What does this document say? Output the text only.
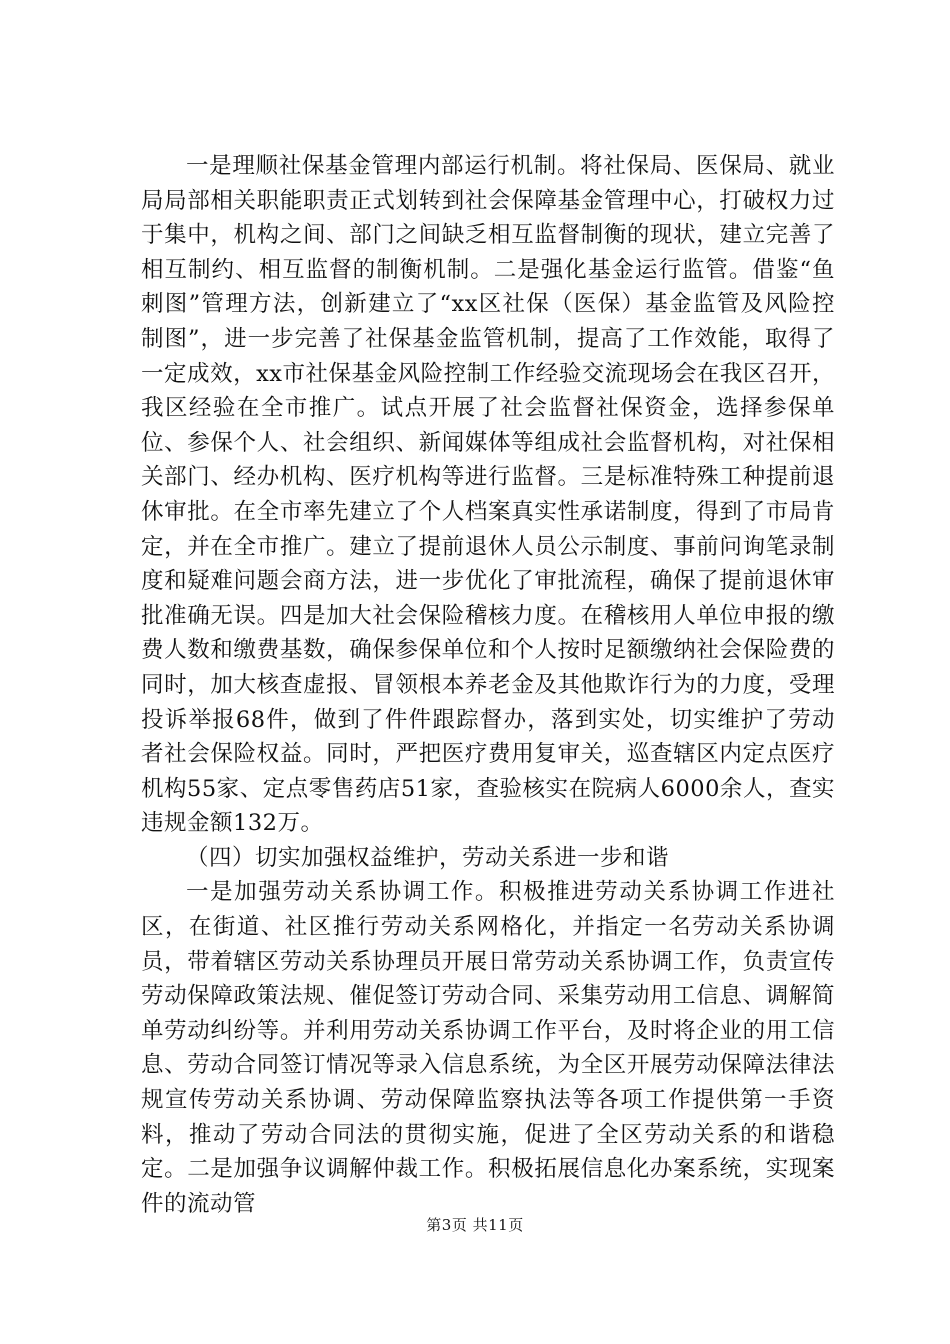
一是理顺社保基金管理内部运行机制。将社保局、医保局、就业局局部相关职能职责正式划转到社会保障基金管理中心，打破权力过于集中，机构之间、部门之间缺乏相互监督制衡的现状，建立完善了相互制约、相互监督的制衡机制。二是强化基金运行监管。借鉴“鱼刺图”管理方法，创新建立了“xx区社保（医保）基金监管及风险控制图”，进一步完善了社保基金监管机制，提高了工作效能，取得了一定成效，xx市社保基金风险控制工作经验交流现场会在我区召开，我区经验在全市推广。试点开展了社会监督社保资金，选择参保单位、参保个人、社会组织、新闻媒体等组成社会监督机构，对社保相关部门、经办机构、医疗机构等进行监督。三是标准特殊工种提前退休审批。在全市率先建立了个人档案真实性承诺制度，得到了市局肯定，并在全市推广。建立了提前退休人员公示制度、事前问询笔录制度和疑难问题会商方法，进一步优化了审批流程，确保了提前退休审批准确无误。四是加大社会保险稽核力度。在稽核用人单位申报的缴费人数和缴费基数，确保参保单位和个人按时足额缴纳社会保险费的同时，加大核查虚报、冒领根本养老金及其他欺诈行为的力度，受理投诉举报68件，做到了件件跟踪督办，落到实处，切实维护了劳动者社会保险权益。同时，严把医疗费用复审关，巡查辖区内定点医疗机构55家、定点零售药店51家，查验核实在院病人6000余人，查实违规金额132万。

（四）切实加强权益维护，劳动关系进一步和谐

一是加强劳动关系协调工作。积极推进劳动关系协调工作进社区，在街道、社区推行劳动关系网格化，并指定一名劳动关系协调员，带着辖区劳动关系协理员开展日常劳动关系协调工作，负责宣传劳动保障政策法规、催促签订劳动合同、采集劳动用工信息、调解简单劳动纠纷等。并利用劳动关系协调工作平台，及时将企业的用工信息、劳动合同签订情况等录入信息系统，为全区开展劳动保障法律法规宣传劳动关系协调、劳动保障监察执法等各项工作提供第一手资料，推动了劳动合同法的贯彻实施，促进了全区劳动关系的和谐稳定。二是加强争议调解仲裁工作。积极拓展信息化办案系统，实现案件的流动管

第3页 共11页
